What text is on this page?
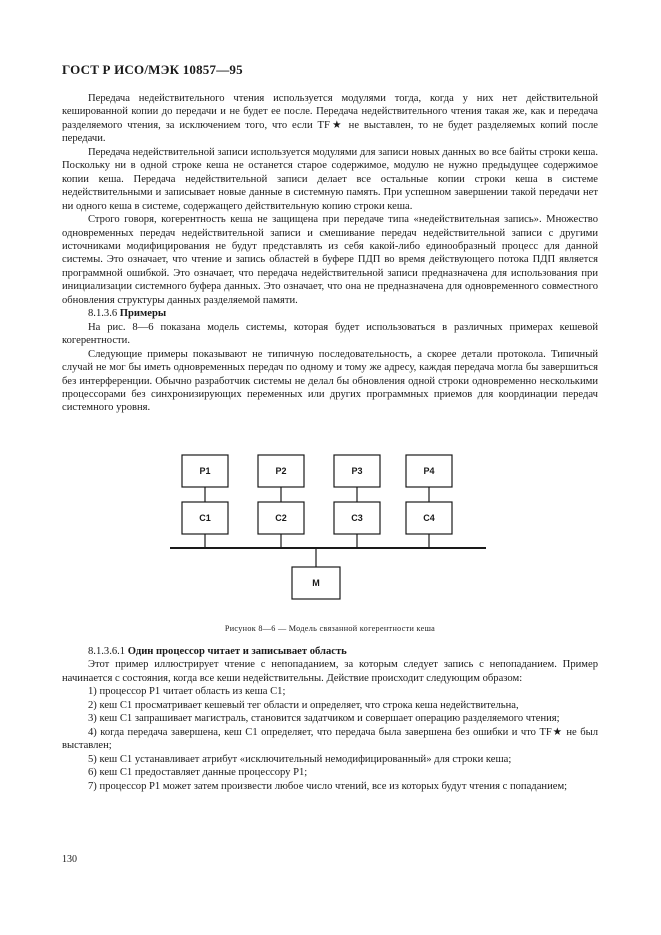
ГОСТ Р ИСО/МЭК 10857—95

Передача недействительного чтения используется модулями тогда, когда у них нет действительной кешированной копии до передачи и не будет ее после. Передача недействительного чтения такая же, как и передача разделяемого чтения, за исключением того, что если TF★ не выставлен, то не будет разделяемых копий после передачи.

Передача недействительной записи используется модулями для записи новых данных во все байты строки кеша. Поскольку ни в одной строке кеша не останется старое содержимое, модулю не нужно предыдущее содержимое копии кеша. Передача недействительной записи делает все остальные копии строки кеша в системе недействительными и записывает новые данные в системную память. При успешном завершении такой передачи нет ни одного кеша в системе, содержащего действительную копию строки кеша.

Строго говоря, когерентность кеша не защищена при передаче типа «недействительная запись». Множество одновременных передач недействительной записи и смешивание передач недействительной записи с другими источниками модифицирования не будут представлять из себя какой-либо единообразный процесс для данной системы. Это означает, что чтение и запись областей в буфере ПДП во время действующего потока ПДП является программной ошибкой. Это означает, что передача недействительной записи предназначена для использования при инициализации системного буфера данных. Это означает, что она не предназначена для одновременного совместного обновления структуры данных разделяемой памяти.

8.1.3.6 Примеры

На рис. 8—6 показана модель системы, которая будет использоваться в различных примерах кешевой когерентности.

Следующие примеры показывают не типичную последовательность, а скорее детали протокола. Типичный случай не мог бы иметь одновременных передач по одному и тому же адресу, каждая передача могла бы завершиться без интерференции. Обычно разработчик системы не делал бы обновления одной строки одновременно несколькими процессорами без синхронизирующих переменных или других программных приемов для координации передач системного уровня.

P1	P2	P3	P4
C1	C2	C3	C4
M
Рисунок 8—6 — Модель связанной когерентности кеша

8.1.3.6.1 Один процессор читает и записывает область

Этот пример иллюстрирует чтение с непопаданием, за которым следует запись с непопаданием. Пример начинается с состояния, когда все кеши недействительны. Действие происходит следующим образом:

1) процессор P1 читает область из кеша C1;

2) кеш C1 просматривает кешевый тег области и определяет, что строка кеша недействительна,

3) кеш C1 запрашивает магистраль, становится задатчиком и совершает операцию разделяемого чтения;

4) когда передача завершена, кеш C1 определяет, что передача была завершена без ошибки и что TF★ не был выставлен;

5) кеш C1 устанавливает атрибут «исключительный немодифицированный» для строки кеша;

6) кеш C1 предоставляет данные процессору P1;

7) процессор P1 может затем произвести любое число чтений, все из которых будут чтения с попаданием;

130
